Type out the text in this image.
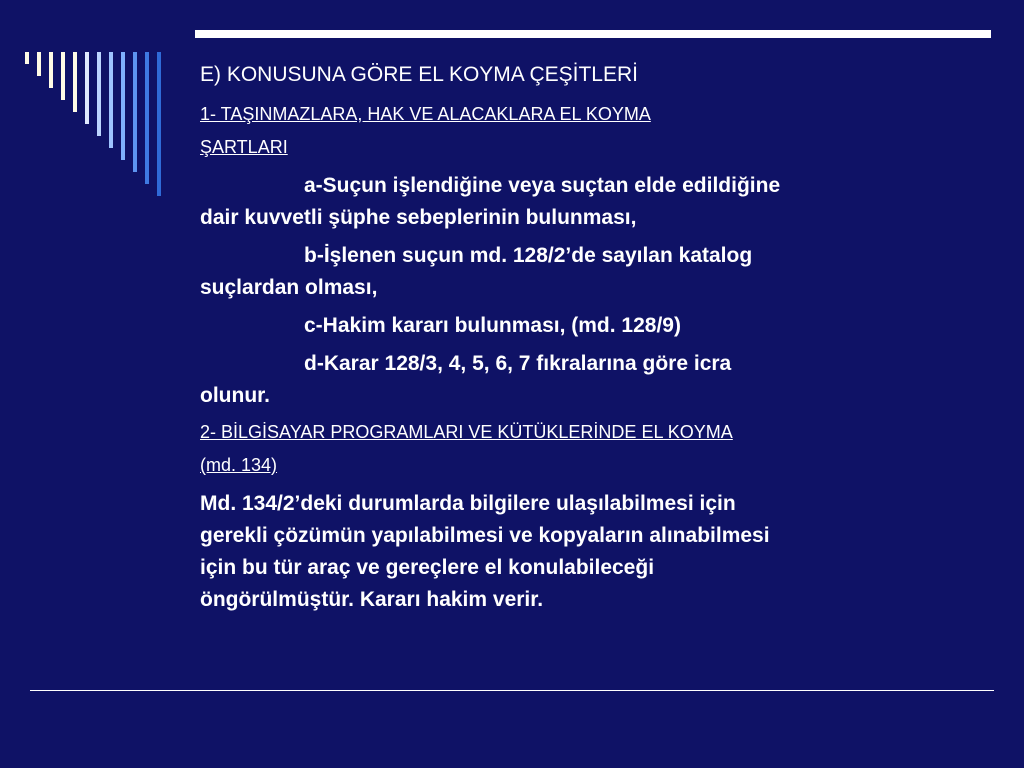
E) KONUSUNA GÖRE EL KOYMA ÇEŞİTLERİ
1- TAŞINMAZLARA, HAK VE ALACAKLARA EL KOYMA
ŞARTLARI
a-Suçun işlendiğine veya suçtan elde edildiğine
dair kuvvetli şüphe sebeplerinin bulunması,
b-İşlenen suçun md. 128/2’de sayılan katalog
suçlardan olması,
c-Hakim kararı bulunması, (md. 128/9)
d-Karar 128/3, 4, 5, 6, 7 fıkralarına göre icra
olunur.
2- BİLGİSAYAR PROGRAMLARI VE KÜTÜKLERİNDE EL KOYMA
(md. 134)
Md. 134/2’deki durumlarda bilgilere ulaşılabilmesi için
gerekli çözümün yapılabilmesi ve kopyaların alınabilmesi
için bu tür araç ve gereçlere el konulabileceği
öngörülmüştür. Kararı hakim verir.
